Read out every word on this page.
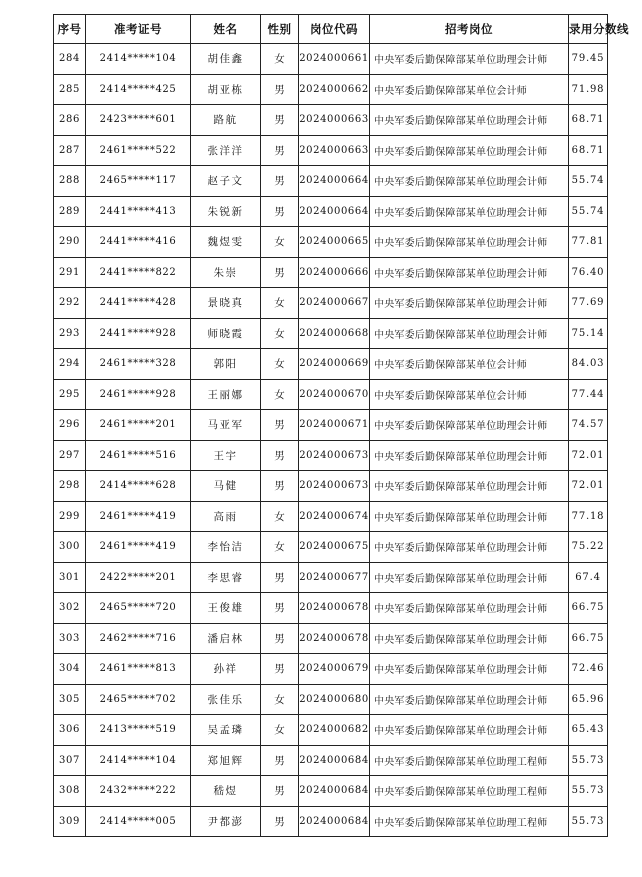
序号	准考证号	姓名	性别	岗位代码	招考岗位	录用分数线
284	2414*****104	胡佳鑫	女	2024000661	中央军委后勤保障部某单位助理会计师	79.45
285	2414*****425	胡亚栋	男	2024000662	中央军委后勤保障部某单位会计师	71.98
286	2423*****601	路航	男	2024000663	中央军委后勤保障部某单位助理会计师	68.71
287	2461*****522	张洋洋	男	2024000663	中央军委后勤保障部某单位助理会计师	68.71
288	2465*****117	赵子文	男	2024000664	中央军委后勤保障部某单位助理会计师	55.74
289	2441*****413	朱锐新	男	2024000664	中央军委后勤保障部某单位助理会计师	55.74
290	2441*****416	魏煜雯	女	2024000665	中央军委后勤保障部某单位助理会计师	77.81
291	2441*****822	朱崇	男	2024000666	中央军委后勤保障部某单位助理会计师	76.40
292	2441*****428	景晓真	女	2024000667	中央军委后勤保障部某单位助理会计师	77.69
293	2441*****928	师晓霞	女	2024000668	中央军委后勤保障部某单位助理会计师	75.14
294	2461*****328	郭阳	女	2024000669	中央军委后勤保障部某单位会计师	84.03
295	2461*****928	王丽娜	女	2024000670	中央军委后勤保障部某单位会计师	77.44
296	2461*****201	马亚军	男	2024000671	中央军委后勤保障部某单位助理会计师	74.57
297	2461*****516	王宇	男	2024000673	中央军委后勤保障部某单位助理会计师	72.01
298	2414*****628	马健	男	2024000673	中央军委后勤保障部某单位助理会计师	72.01
299	2461*****419	高雨	女	2024000674	中央军委后勤保障部某单位助理会计师	77.18
300	2461*****419	李怡洁	女	2024000675	中央军委后勤保障部某单位助理会计师	75.22
301	2422*****201	李思睿	男	2024000677	中央军委后勤保障部某单位助理会计师	67.4
302	2465*****720	王俊雄	男	2024000678	中央军委后勤保障部某单位助理会计师	66.75
303	2462*****716	潘启林	男	2024000678	中央军委后勤保障部某单位助理会计师	66.75
304	2461*****813	孙祥	男	2024000679	中央军委后勤保障部某单位助理会计师	72.46
305	2465*****702	张佳乐	女	2024000680	中央军委后勤保障部某单位助理会计师	65.96
306	2413*****519	吴孟璘	女	2024000682	中央军委后勤保障部某单位助理会计师	65.43
307	2414*****104	郑旭辉	男	2024000684	中央军委后勤保障部某单位助理工程师	55.73
308	2432*****222	嵇煜	男	2024000684	中央军委后勤保障部某单位助理工程师	55.73
309	2414*****005	尹都澎	男	2024000684	中央军委后勤保障部某单位助理工程师	55.73
